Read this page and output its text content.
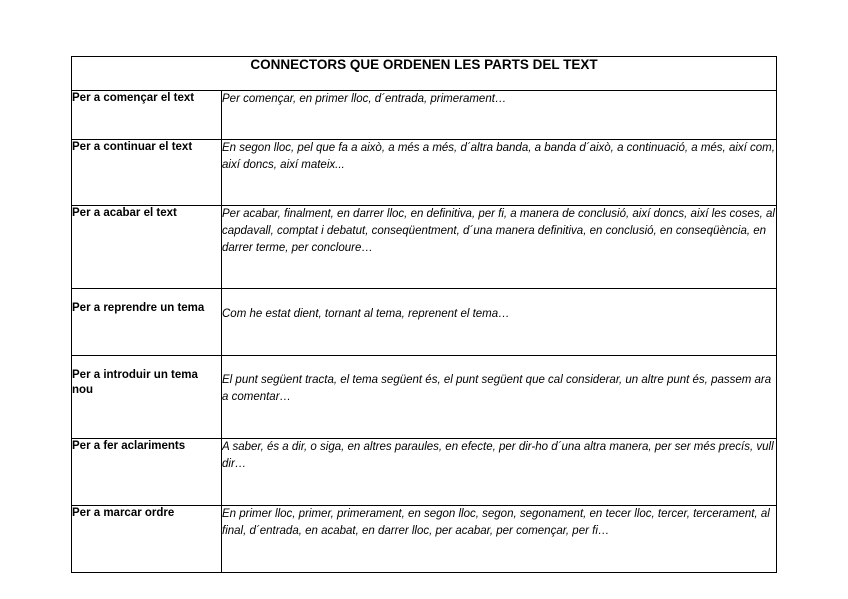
CONNECTORS QUE ORDENEN LES PARTS DEL TEXT	
Per a començar el text	Per començar, en primer lloc, d´entrada, primerament…
Per a continuar el text	En segon lloc, pel que fa a això, a més a més, d´altra banda, a banda d´això, a continuació, a més, així com, així doncs, així mateix...
Per a acabar el text	Per acabar, finalment, en darrer lloc, en definitiva, per fi, a manera de conclusió, així doncs, així les coses, al capdavall, comptat i debatut, conseqüentment, d´una manera definitiva, en conclusió, en conseqüència, en darrer terme, per concloure…
Per a reprendre un tema	Com he estat dient, tornant al tema, reprenent el tema…
Per a introduir un tema nou	El punt següent tracta, el tema següent és, el punt següent que cal considerar, un altre punt és, passem ara a comentar…
Per a fer aclariments	A saber, és a dir, o siga, en altres paraules, en efecte, per dir-ho d´una altra manera, per ser més precís, vull dir…
Per a marcar ordre	En primer lloc, primer, primerament, en segon lloc, segon, segonament, en tecer lloc, tercer, tercerament, al final, d´entrada, en acabat, en darrer lloc, per acabar, per començar, per fi…
